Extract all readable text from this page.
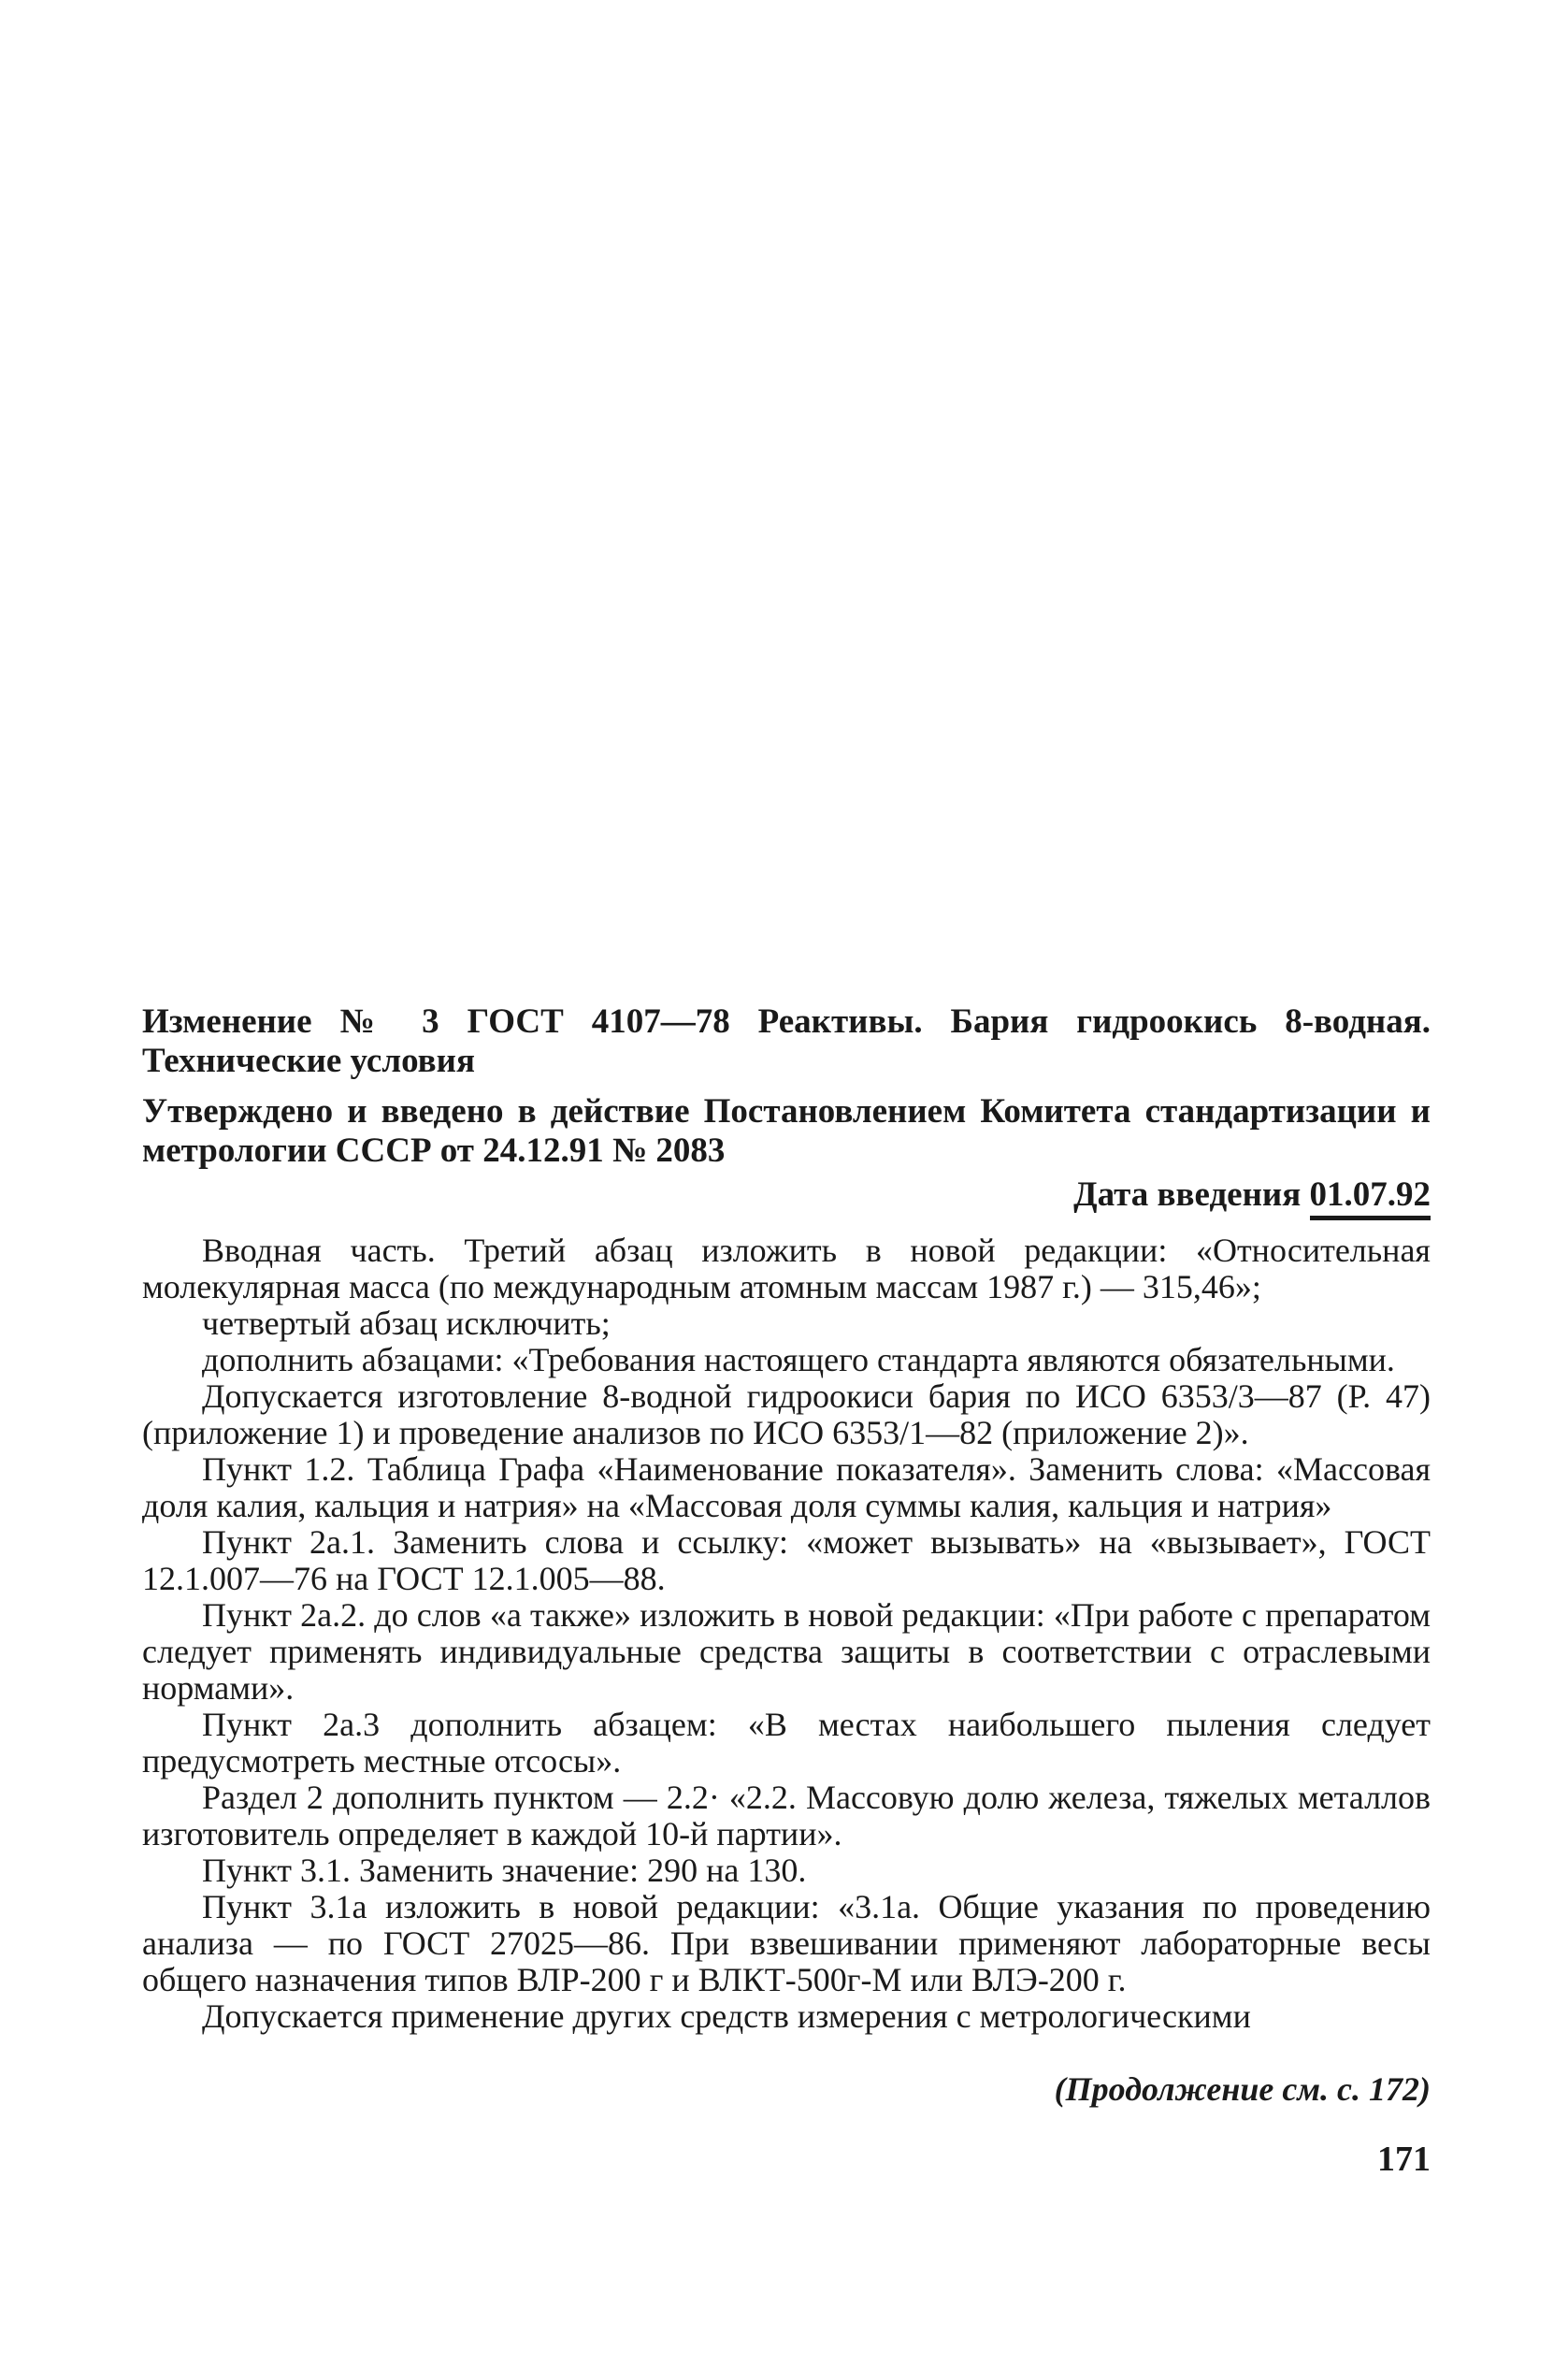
Изменение № 3 ГОСТ 4107—78 Реактивы. Бария гидроокись 8-водная. Технические условия
Утверждено и введено в действие Постановлением Комитета стандартизации и метрологии СССР от 24.12.91 № 2083
Дата введения 01.07.92

Вводная часть. Третий абзац изложить в новой редакции: «Относительная молекулярная масса (по международным атомным массам 1987 г.) — 315,46»;

четвертый абзац исключить;

дополнить абзацами: «Требования настоящего стандарта являются обязательными.

Допускается изготовление 8-водной гидроокиси бария по ИСО 6353/3—87 (Р. 47) (приложение 1) и проведение анализов по ИСО 6353/1—82 (приложение 2)».

Пункт 1.2. Таблица Графа «Наименование показателя». Заменить слова: «Массовая доля калия, кальция и натрия» на «Массовая доля суммы калия, кальция и натрия»

Пункт 2а.1. Заменить слова и ссылку: «может вызывать» на «вызывает», ГОСТ 12.1.007—76 на ГОСТ 12.1.005—88.

Пункт 2а.2. до слов «а также» изложить в новой редакции: «При работе с препаратом следует применять индивидуальные средства защиты в соответствии с отраслевыми нормами».

Пункт 2а.3 дополнить абзацем: «В местах наибольшего пыления следует предусмотреть местные отсосы».

Раздел 2 дополнить пунктом — 2.2· «2.2. Массовую долю железа, тяжелых металлов изготовитель определяет в каждой 10-й партии».

Пункт 3.1. Заменить значение: 290 на 130.

Пункт 3.1а изложить в новой редакции: «3.1а. Общие указания по проведению анализа — по ГОСТ 27025—86. При взвешивании применяют лабораторные весы общего назначения типов ВЛР-200 г и ВЛКТ-500г-М или ВЛЭ-200 г.

Допускается применение других средств измерения с метрологическими

(Продолжение см. с. 172)
171
